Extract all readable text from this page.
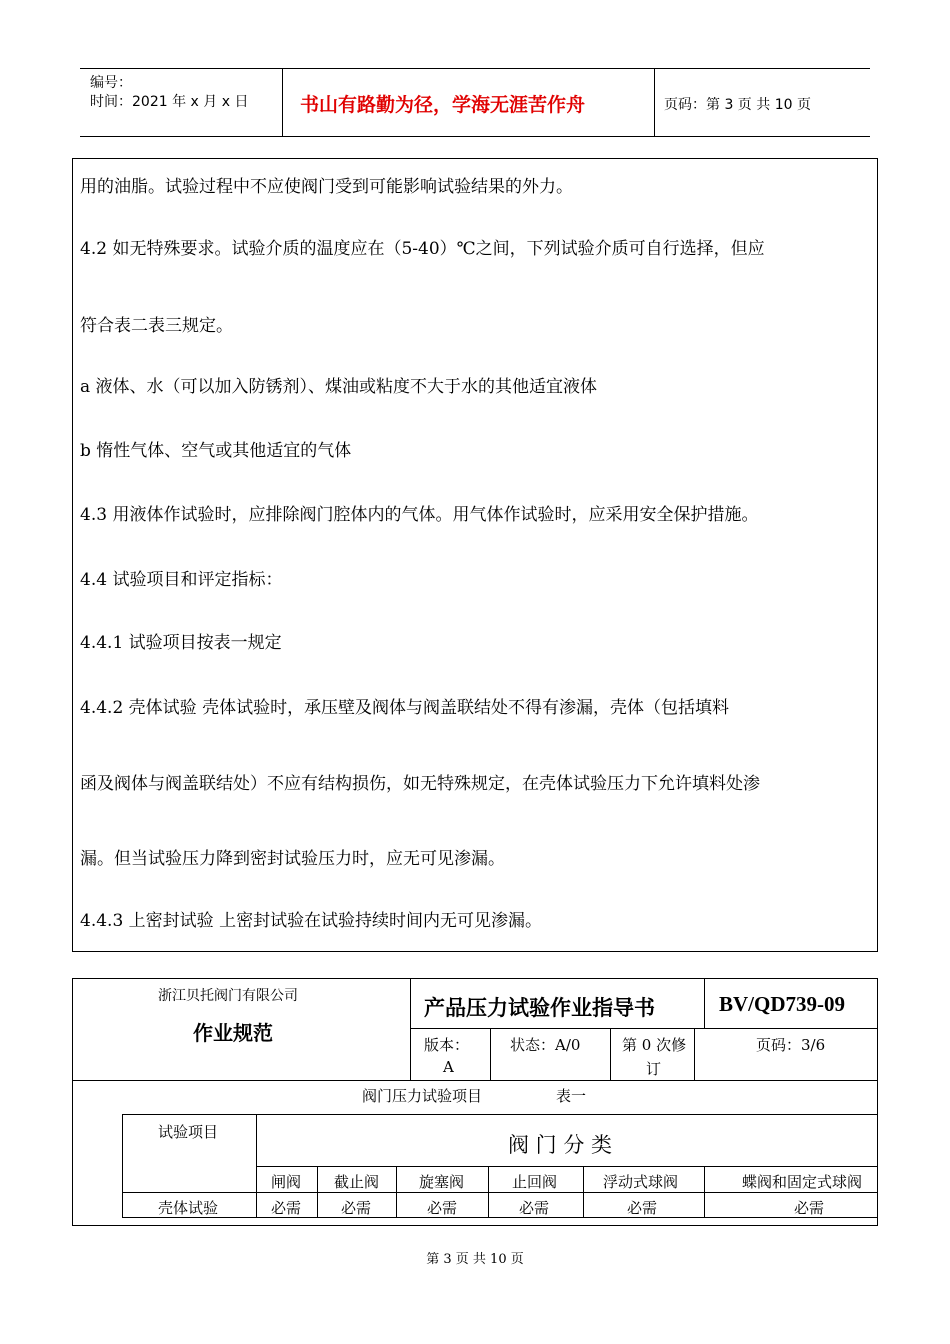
编号：
时间：2021 年 x 月 x 日	书山有路勤为径，学海无涯苦作舟	页码：第 3 页 共 10 页
用的油脂。试验过程中不应使阀门受到可能影响试验结果的外力。
4.2 如无特殊要求。试验介质的温度应在（5-40）℃之间，下列试验介质可自行选择，但应
符合表二表三规定。
a 液体、水（可以加入防锈剂）、煤油或粘度不大于水的其他适宜液体
b 惰性气体、空气或其他适宜的气体
4.3 用液体作试验时，应排除阀门腔体内的气体。用气体作试验时，应采用安全保护措施。
4.4 试验项目和评定指标：
4.4.1 试验项目按表一规定
4.4.2 壳体试验 壳体试验时，承压壁及阀体与阀盖联结处不得有渗漏，壳体（包括填料
函及阀体与阀盖联结处）不应有结构损伤，如无特殊规定，在壳体试验压力下允许填料处渗
漏。但当试验压力降到密封试验压力时，应无可见渗漏。
4.4.3 上密封试验 上密封试验在试验持续时间内无可见渗漏。
浙江贝托阀门有限公司
作业规范
产品压力试验作业指导书	BV/QD739-09
版本：
A
状态：A/0	第 0 次修
订
页码：3/6
阀门压力试验项目	表一
试验项目
阀 门 分 类
闸阀 截止阀	旋塞阀	止回阀	浮动式球阀	蝶阀和固定式球阀
壳体试验	必需	必需	必需	必需	必需	必需
第 3 页 共 10 页
